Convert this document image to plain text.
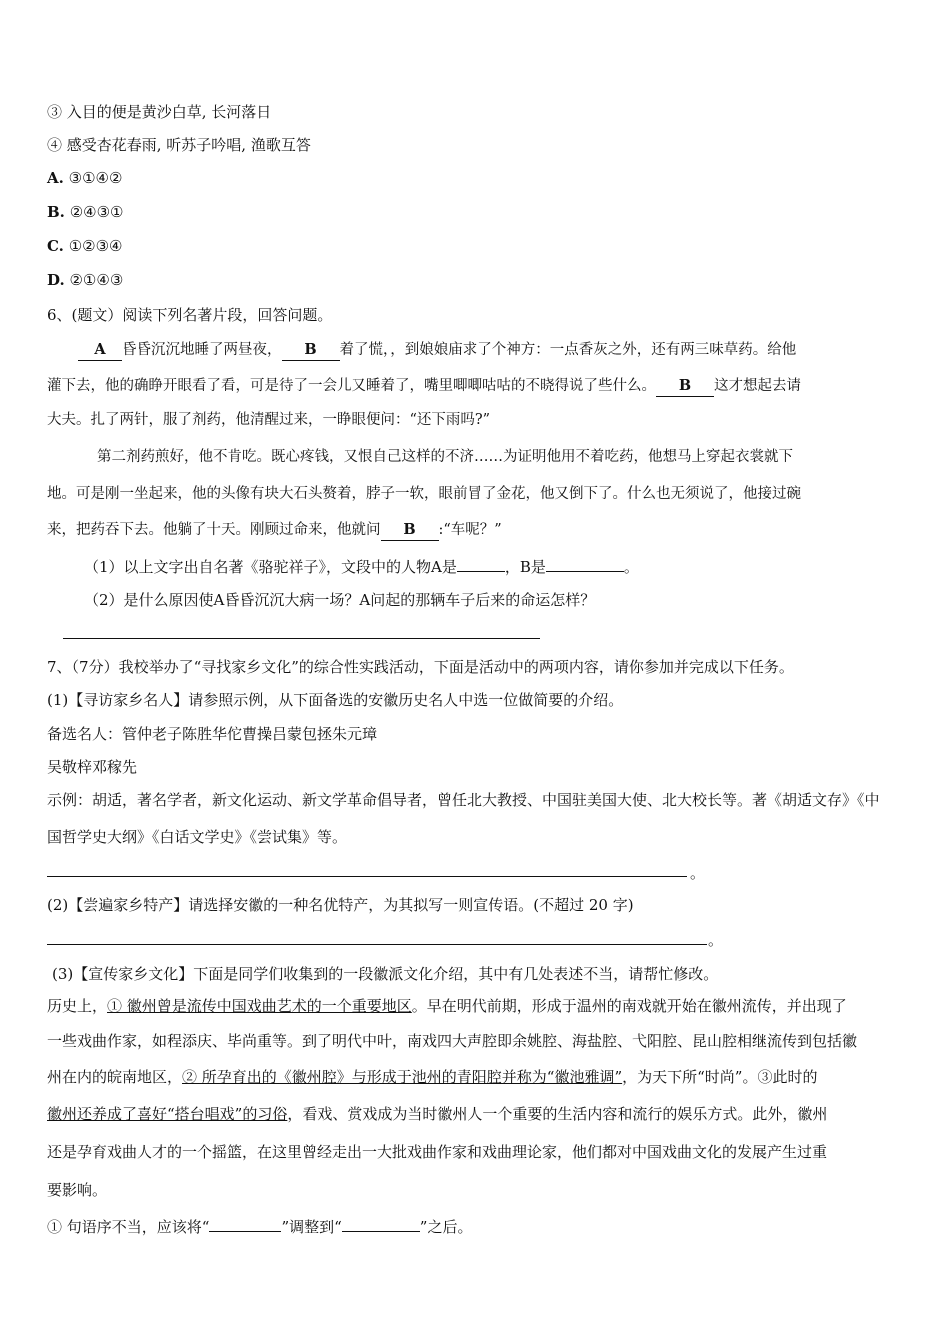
③ 入目的便是黄沙白草, 长河落日
④ 感受杏花春雨, 听苏子吟唱, 渔歌互答
A. ③①④②
B. ②④③①
C. ①②③④
D. ②①④③
6、(题文）阅读下列名著片段，回答问题。
A 昏昏沉沉地睡了两昼夜， B 着了慌，，到娘娘庙求了个神方：一点香灰之外，还有两三味草药。给他
灌下去，他的确睁开眼看了看，可是待了一会儿又睡着了，嘴里唧唧咕咕的不晓得说了些什么。 B 这才想起去请
大夫。扎了两针，服了剂药，他清醒过来，一睁眼便问：“还下雨吗?”
第二剂药煎好，他不肯吃。既心疼钱，又恨自己这样的不济……为证明他用不着吃药，他想马上穿起衣裳就下
地。可是刚一坐起来，他的头像有块大石头赘着，脖子一软，眼前冒了金花，他又倒下了。什么也无须说了，他接过碗
来，把药吞下去。他躺了十天。刚顾过命来，他就问 B :“车呢？”
（1）以上文字出自名著《骆驼祥子》，文段中的人物A是	，B是	。
（2）是什么原因使A昏昏沉沉大病一场？A问起的那辆车子后来的命运怎样？
7、（7分）我校举办了“寻找家乡文化”的综合性实践活动，下面是活动中的两项内容，请你参加并完成以下任务。
(1)【寻访家乡名人】请参照示例，从下面备选的安徽历史名人中选一位做简要的介绍。
备选名人：管仲老子陈胜华佗曹操吕蒙包拯朱元璋
吴敬梓邓稼先
示例：胡适，著名学者，新文化运动、新文学革命倡导者，曾任北大教授、中国驻美国大使、北大校长等。著《胡适文存》《中
国哲学史大纲》《白话文学史》《尝试集》等。
。
(2)【尝遍家乡特产】请选择安徽的一种名优特产，为其拟写一则宣传语。(不超过 20 字)
。
(3)【宣传家乡文化】下面是同学们收集到的一段徽派文化介绍，其中有几处表述不当，请帮忙修改。
历史上，① 徽州曾是流传中国戏曲艺术的一个重要地区。早在明代前期，形成于温州的南戏就开始在徽州流传，并出现了
一些戏曲作家，如程添庆、毕尚重等。到了明代中叶，南戏四大声腔即余姚腔、海盐腔、弋阳腔、昆山腔相继流传到包括徽
州在内的皖南地区，② 所孕育出的《徽州腔》与形成于池州的青阳腔并称为“徽池雅调”，为天下所“时尚”。③此时的
徽州还养成了喜好“搭台唱戏”的习俗，看戏、赏戏成为当时徽州人一个重要的生活内容和流行的娱乐方式。此外，徽州
还是孕育戏曲人才的一个摇篮，在这里曾经走出一大批戏曲作家和戏曲理论家，他们都对中国戏曲文化的发展产生过重
要影响。
① 句语序不当，应该将“	”调整到“	”之后。
